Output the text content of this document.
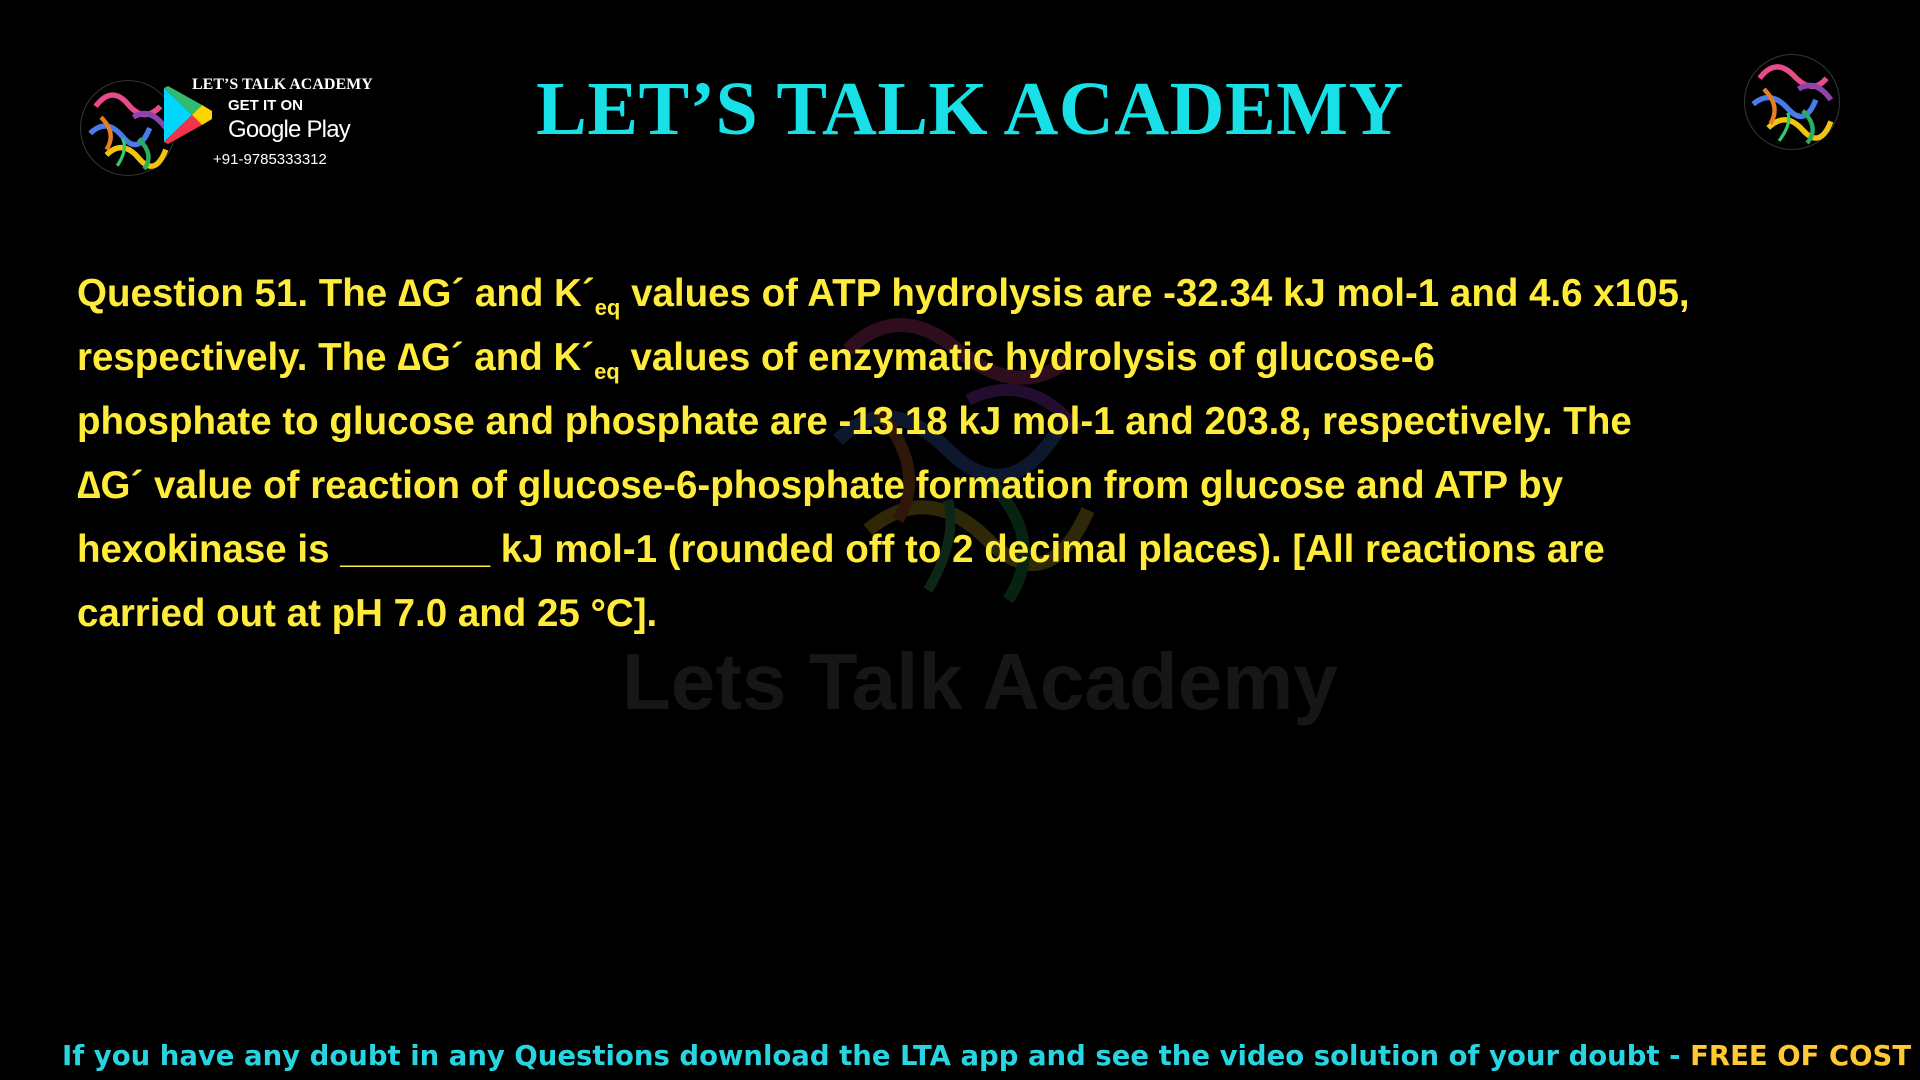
LET’S TALK ACADEMY
GET IT ON
Google Play
+91-9785333312
LET’S TALK ACADEMY
Lets Talk Academy
Question 51. The ∆G´ and $K´_{eq}$ values of ATP hydrolysis are -32.34 kJ mol-1 and 4.6 x105,
respectively. The ∆G´ and $K´_{eq}$ values of enzymatic hydrolysis of glucose-6
phosphate to glucose and phosphate are -13.18 kJ mol-1 and 203.8, respectively. The
∆G´ value of reaction of glucose-6-phosphate formation from glucose and ATP by
hexokinase is _______ kJ mol-1 (rounded off to 2 decimal places). [All reactions are
carried out at pH 7.0 and 25 °C].
If you have any doubt in any Questions download the LTA app and see the video solution of your doubt - FREE OF COST
